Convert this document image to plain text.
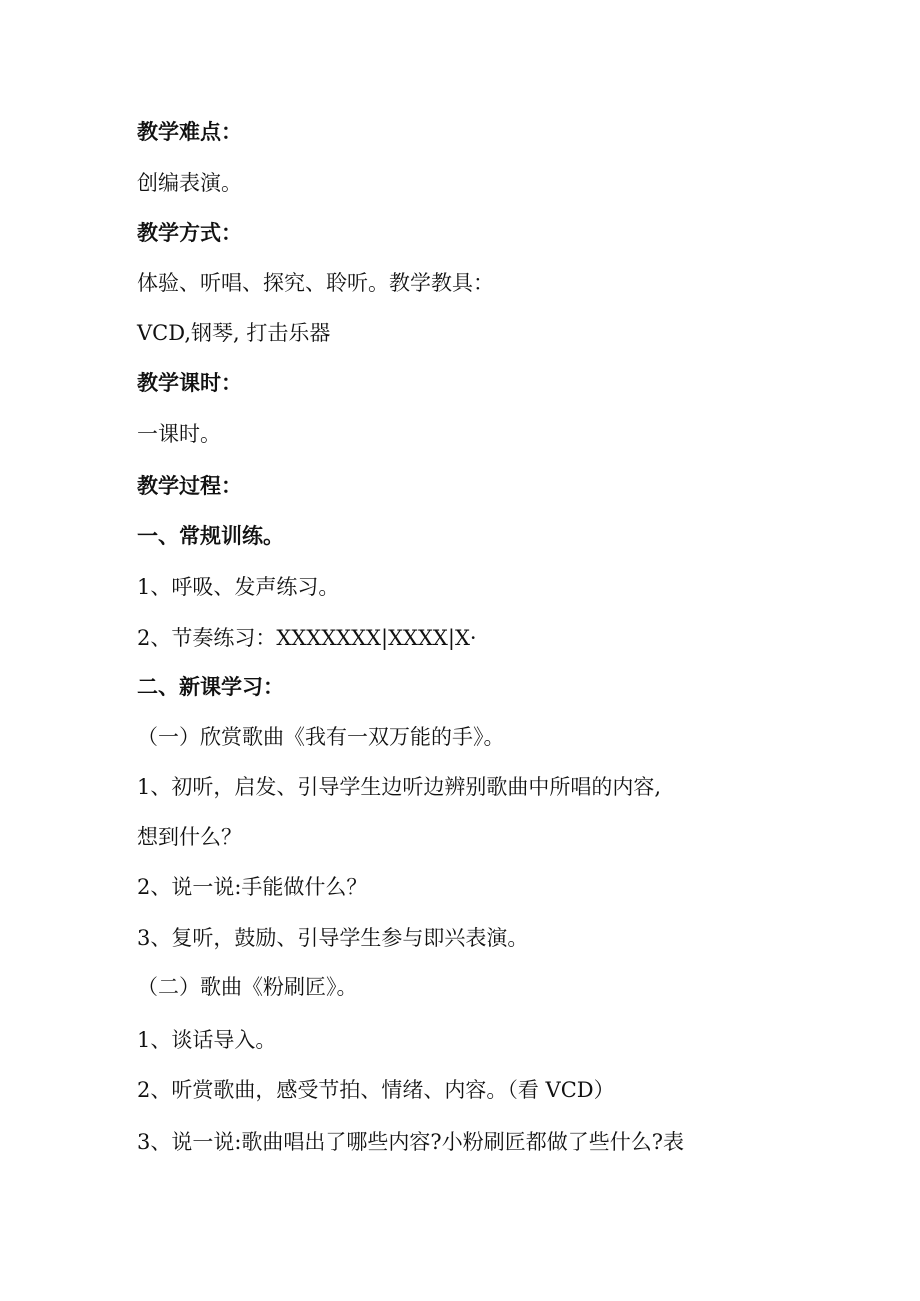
教学难点：
创编表演。
教学方式：
体验、听唱、探究、聆听。教学教具：
VCD,钢琴, 打击乐器
教学课时：
一课时。
教学过程：
一、常规训练。
1、呼吸、发声练习。
2、节奏练习：XXXXXXX|XXXX|X·
二、新课学习：
（一）欣赏歌曲《我有一双万能的手》。
1、初听，启发、引导学生边听边辨别歌曲中所唱的内容,
想到什么？
2、说一说:手能做什么？
3、复听，鼓励、引导学生参与即兴表演。
（二）歌曲《粉刷匠》。
1、谈话导入。
2、听赏歌曲，感受节拍、情绪、内容。（看 VCD）
3、说一说:歌曲唱出了哪些内容?小粉刷匠都做了些什么?表
